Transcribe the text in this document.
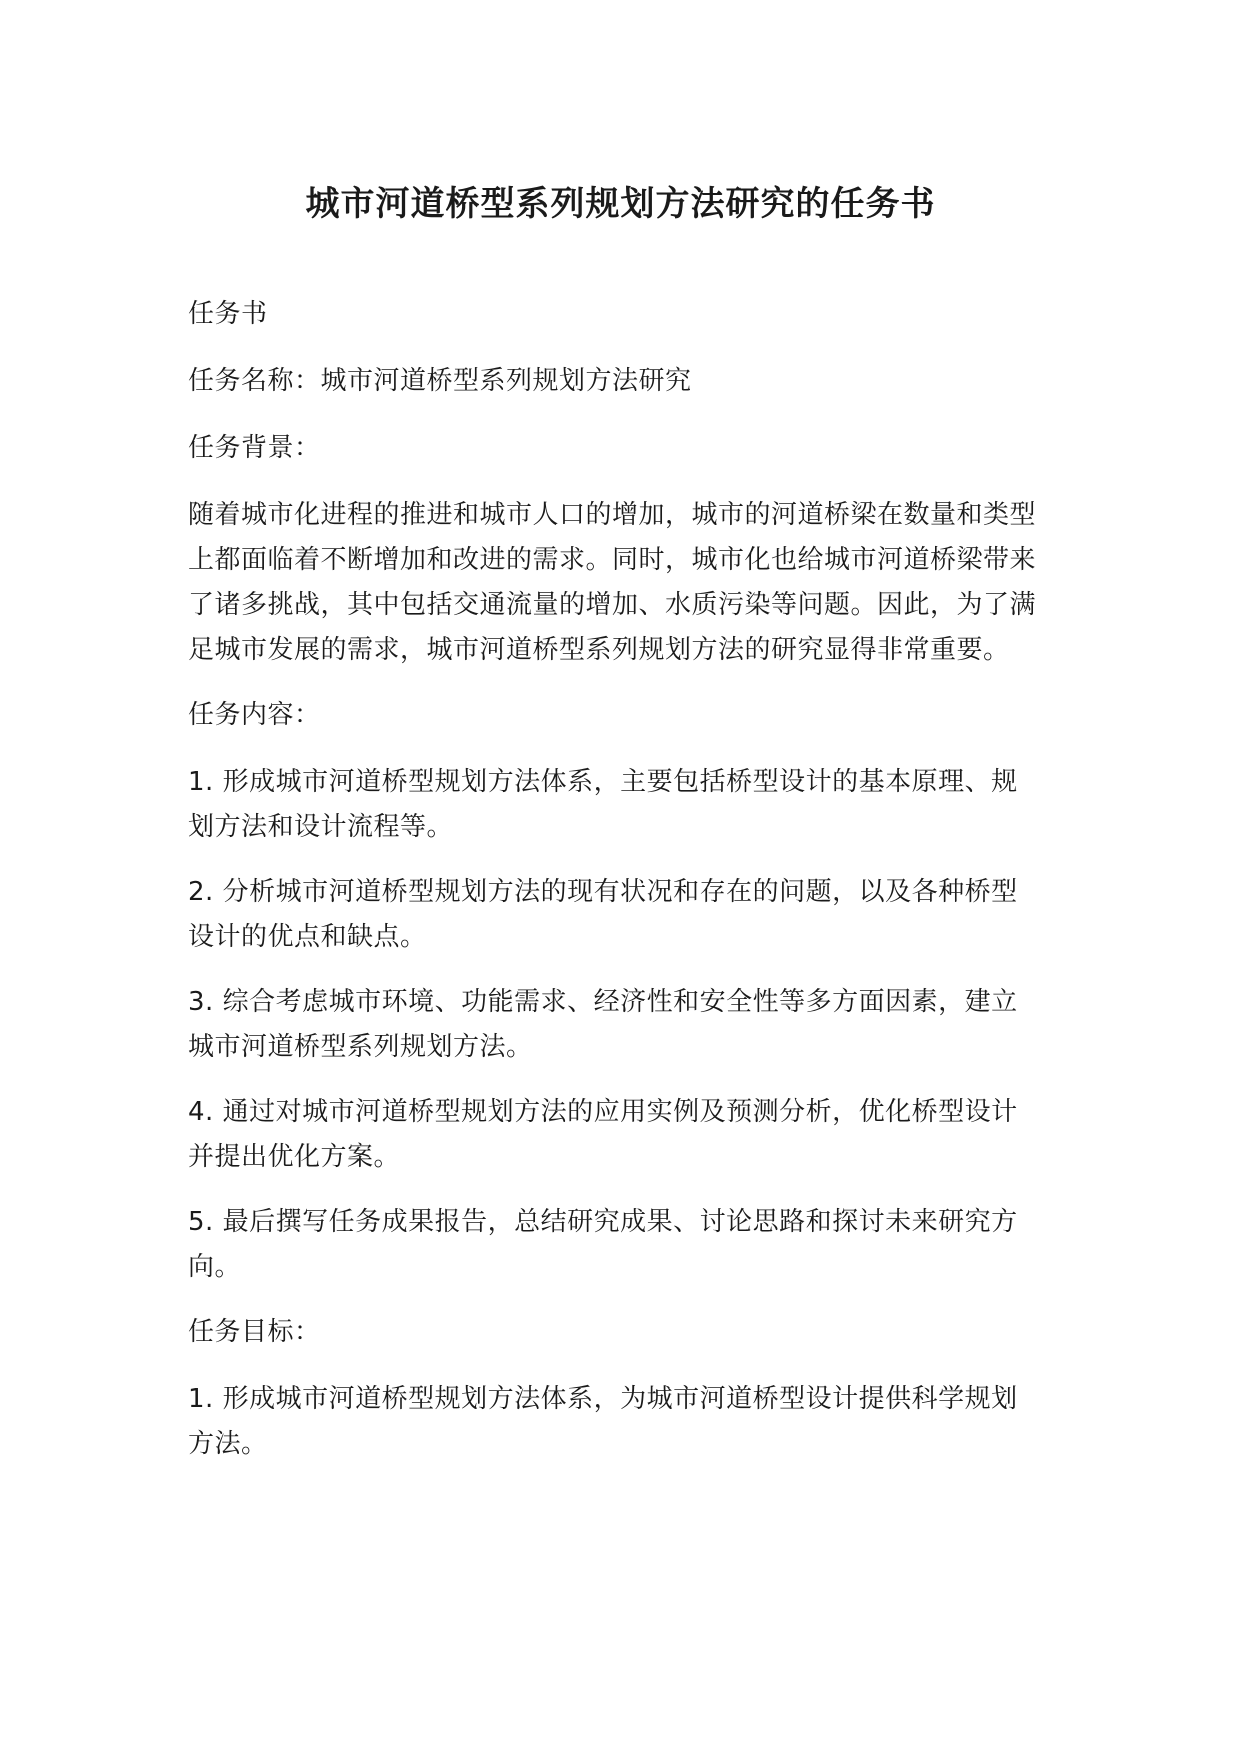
城市河道桥型系列规划方法研究的任务书

任务书

任务名称：城市河道桥型系列规划方法研究

任务背景：

随着城市化进程的推进和城市人口的增加，城市的河道桥梁在数量和类型上都面临着不断增加和改进的需求。同时，城市化也给城市河道桥梁带来了诸多挑战，其中包括交通流量的增加、水质污染等问题。因此，为了满足城市发展的需求，城市河道桥型系列规划方法的研究显得非常重要。

任务内容：

1. 形成城市河道桥型规划方法体系，主要包括桥型设计的基本原理、规划方法和设计流程等。

2. 分析城市河道桥型规划方法的现有状况和存在的问题，以及各种桥型设计的优点和缺点。

3. 综合考虑城市环境、功能需求、经济性和安全性等多方面因素，建立城市河道桥型系列规划方法。

4. 通过对城市河道桥型规划方法的应用实例及预测分析，优化桥型设计并提出优化方案。

5. 最后撰写任务成果报告，总结研究成果、讨论思路和探讨未来研究方向。

任务目标：

1. 形成城市河道桥型规划方法体系，为城市河道桥型设计提供科学规划方法。
